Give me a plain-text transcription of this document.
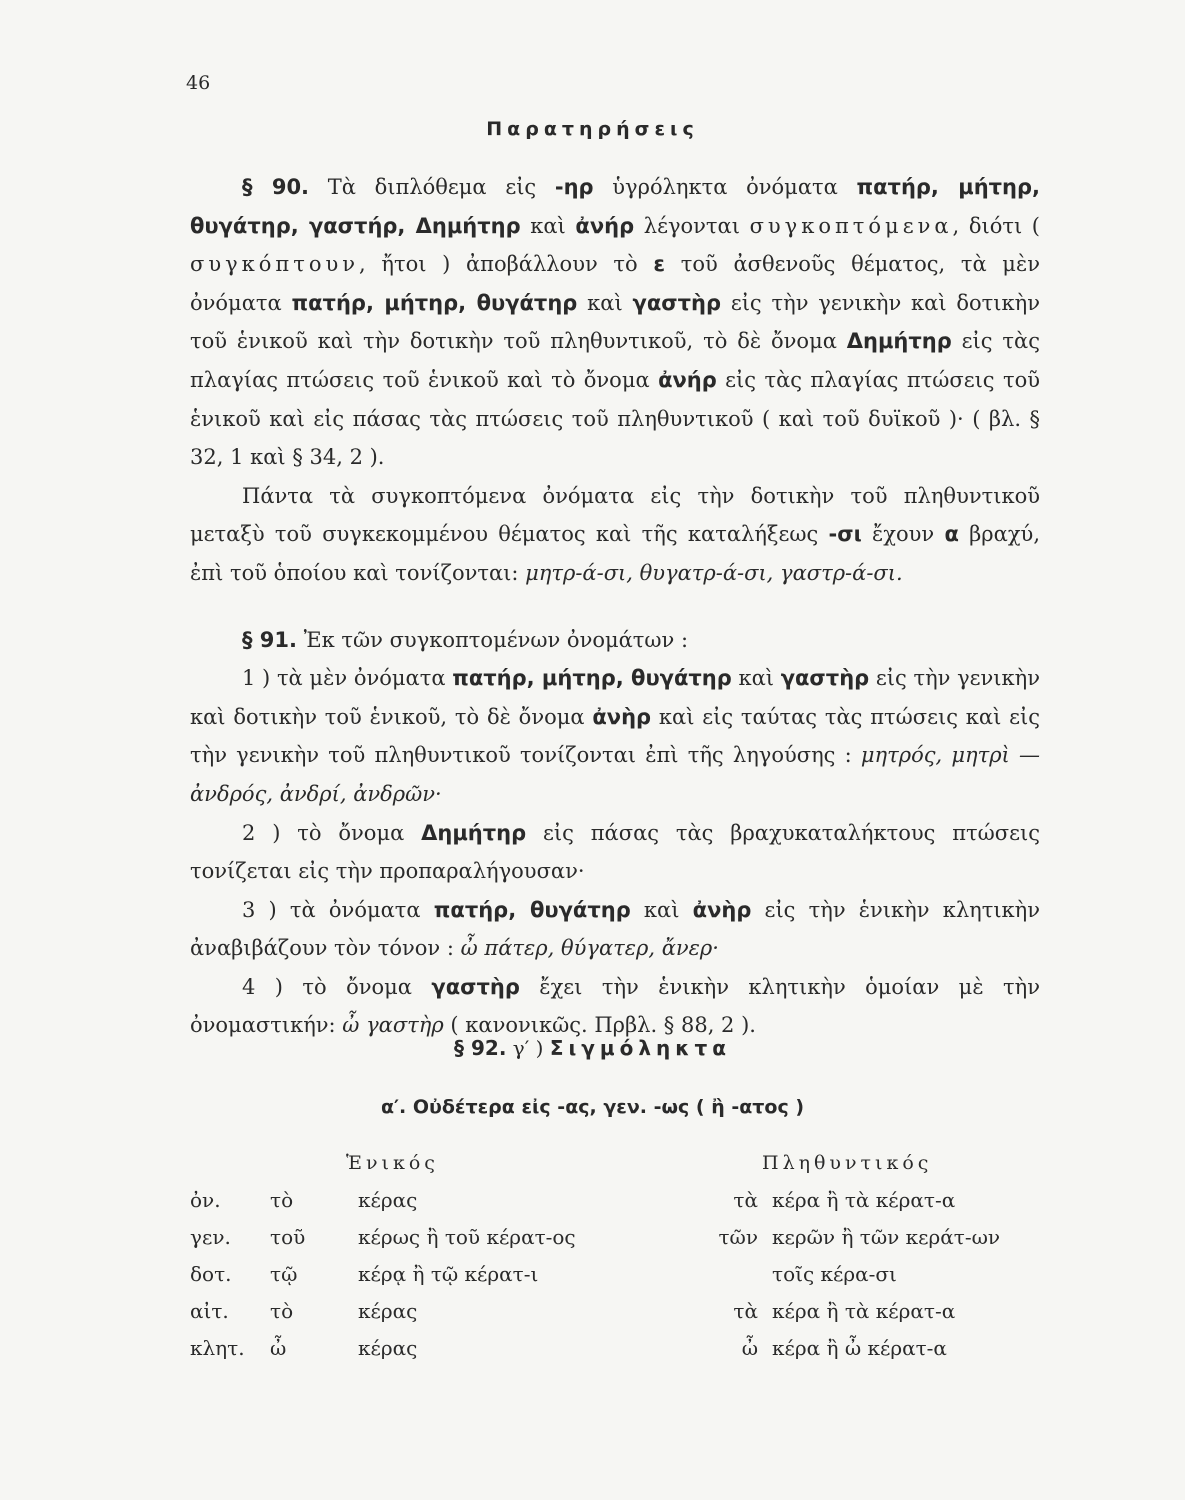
46
Παρατηρήσεις

§ 90. Τὰ διπλόθεμα εἰς -ηρ ὑγρόληκτα ὀνόματα πατήρ, μήτηρ, θυγάτηρ, γαστήρ, Δημήτηρ καὶ ἀνήρ λέγονται συγκοπτόμενα, διότι ( συγκόπτουν, ἤτοι ) ἀποβάλλουν τὸ ε τοῦ ἀσθενοῦς θέματος, τὰ μὲν ὀνόματα πατήρ, μήτηρ, θυγάτηρ καὶ γαστὴρ εἰς τὴν γενικὴν καὶ δοτικὴν τοῦ ἑνικοῦ καὶ τὴν δοτικὴν τοῦ πληθυντικοῦ, τὸ δὲ ὄνομα Δημήτηρ εἰς τὰς πλαγίας πτώσεις τοῦ ἑνικοῦ καὶ τὸ ὄνομα ἀνήρ εἰς τὰς πλαγίας πτώσεις τοῦ ἑνικοῦ καὶ εἰς πάσας τὰς πτώσεις τοῦ πληθυντικοῦ ( καὶ τοῦ δυϊκοῦ )· ( βλ. § 32, 1 καὶ § 34, 2 ).

Πάντα τὰ συγκοπτόμενα ὀνόματα εἰς τὴν δοτικὴν τοῦ πληθυντικοῦ μεταξὺ τοῦ συγκεκομμένου θέματος καὶ τῆς καταλήξεως -σι ἔχουν α βραχύ, ἐπὶ τοῦ ὁποίου καὶ τονίζονται: μητρ-ά-σι, θυγατρ-ά-σι, γαστρ-ά-σι.

§ 91. Ἐκ τῶν συγκοπτομένων ὀνομάτων :

1 ) τὰ μὲν ὀνόματα πατήρ, μήτηρ, θυγάτηρ καὶ γαστὴρ εἰς τὴν γενικὴν καὶ δοτικὴν τοῦ ἑνικοῦ, τὸ δὲ ὄνομα ἀνὴρ καὶ εἰς ταύτας τὰς πτώσεις καὶ εἰς τὴν γενικὴν τοῦ πληθυντικοῦ τονίζονται ἐπὶ τῆς ληγούσης : μητρός, μητρὶ — ἀνδρός, ἀνδρί, ἀνδρῶν·

2 ) τὸ ὄνομα Δημήτηρ εἰς πάσας τὰς βραχυκαταλήκτους πτώσεις τονίζεται εἰς τὴν προπαραλήγουσαν·

3 ) τὰ ὀνόματα πατήρ, θυγάτηρ καὶ ἀνὴρ εἰς τὴν ἑνικὴν κλητικὴν ἀναβιβάζουν τὸν τόνον : ὦ πάτερ, θύγατερ, ἄνερ·

4 ) τὸ ὄνομα γαστὴρ ἔχει τὴν ἑνικὴν κλητικὴν ὁμοίαν μὲ τὴν ὀνομαστικήν: ὦ γαστὴρ ( κανονικῶς. Πρβλ. § 88, 2 ).

§ 92. γ′ ) Σιγμόληκτα
α′. Οὐδέτερα εἰς -ας, γεν. -ως ( ἢ -ατος )
Ἑνικός	Πληθυντικός
ὀν.	τὸ	κέρας	τὰ	κέρα ἢ τὰ κέρατ-α
γεν.	τοῦ	κέρως ἢ τοῦ κέρατ-ος	τῶν	κερῶν ἢ τῶν κεράτ-ων
δοτ.	τῷ	κέρᾳ ἢ τῷ κέρατ-ι		τοῖς κέρα-σι
αἰτ.	τὸ	κέρας	τὰ	κέρα ἢ τὰ κέρατ-α
κλητ.	ὦ	κέρας	ὦ	κέρα ἢ ὦ κέρατ-α
